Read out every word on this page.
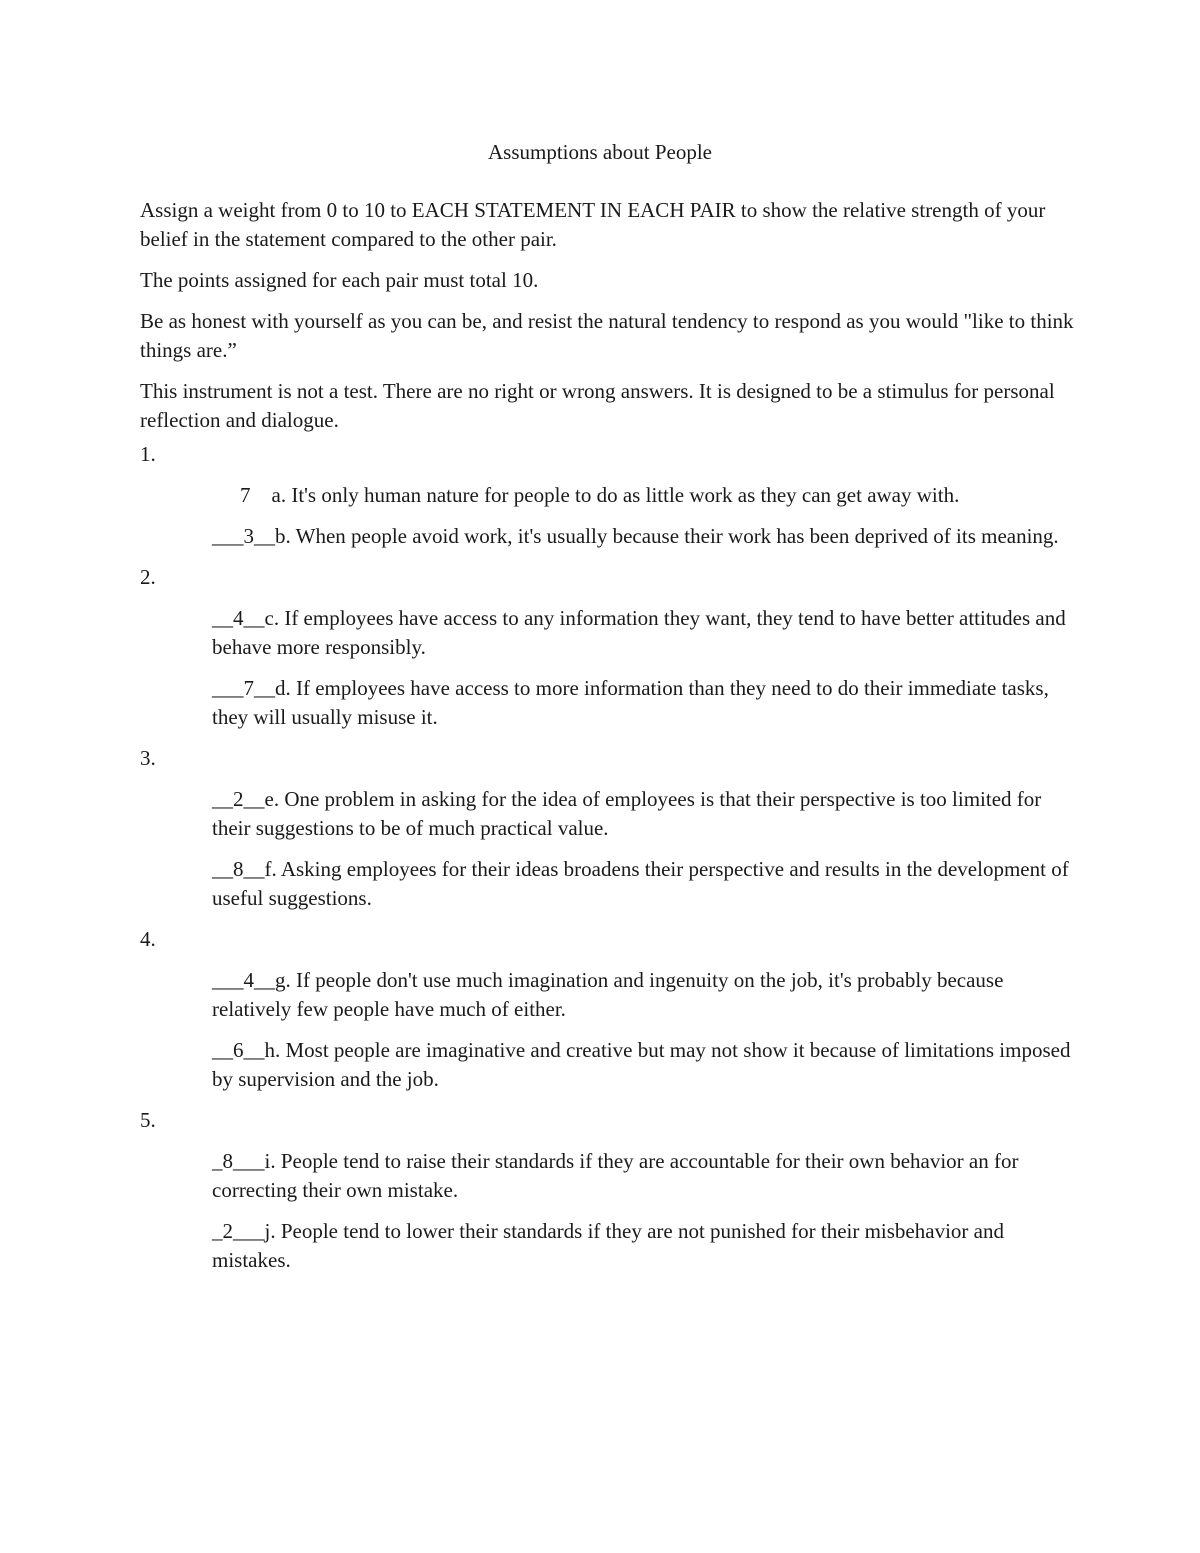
Assumptions about People

Assign a weight from 0 to 10 to EACH STATEMENT IN EACH PAIR to show the relative strength of your belief in the statement compared to the other pair.

The points assigned for each pair must total 10.

Be as honest with yourself as you can be, and resist the natural tendency to respond as you would "like to think things are.”

This instrument is not a test. There are no right or wrong answers. It is designed to be a stimulus for personal reflection and dialogue.

1.

7    a. It's only human nature for people to do as little work as they can get away with.

___3__b. When people avoid work, it's usually because their work has been deprived of its meaning.

2.

__4__c. If employees have access to any information they want, they tend to have better attitudes and behave more responsibly.

___7__d. If employees have access to more information than they need to do their immediate tasks, they will usually misuse it.

3.

__2__e. One problem in asking for the idea of employees is that their perspective is too limited for their suggestions to be of much practical value.

__8__f. Asking employees for their ideas broadens their perspective and results in the development of useful suggestions.

4.

___4__g. If people don't use much imagination and ingenuity on the job, it's probably because relatively few people have much of either.

__6__h. Most people are imaginative and creative but may not show it because of limitations imposed by supervision and the job.

5.

_8___i. People tend to raise their standards if they are accountable for their own behavior an for correcting their own mistake.

_2___j. People tend to lower their standards if they are not punished for their misbehavior and mistakes.
